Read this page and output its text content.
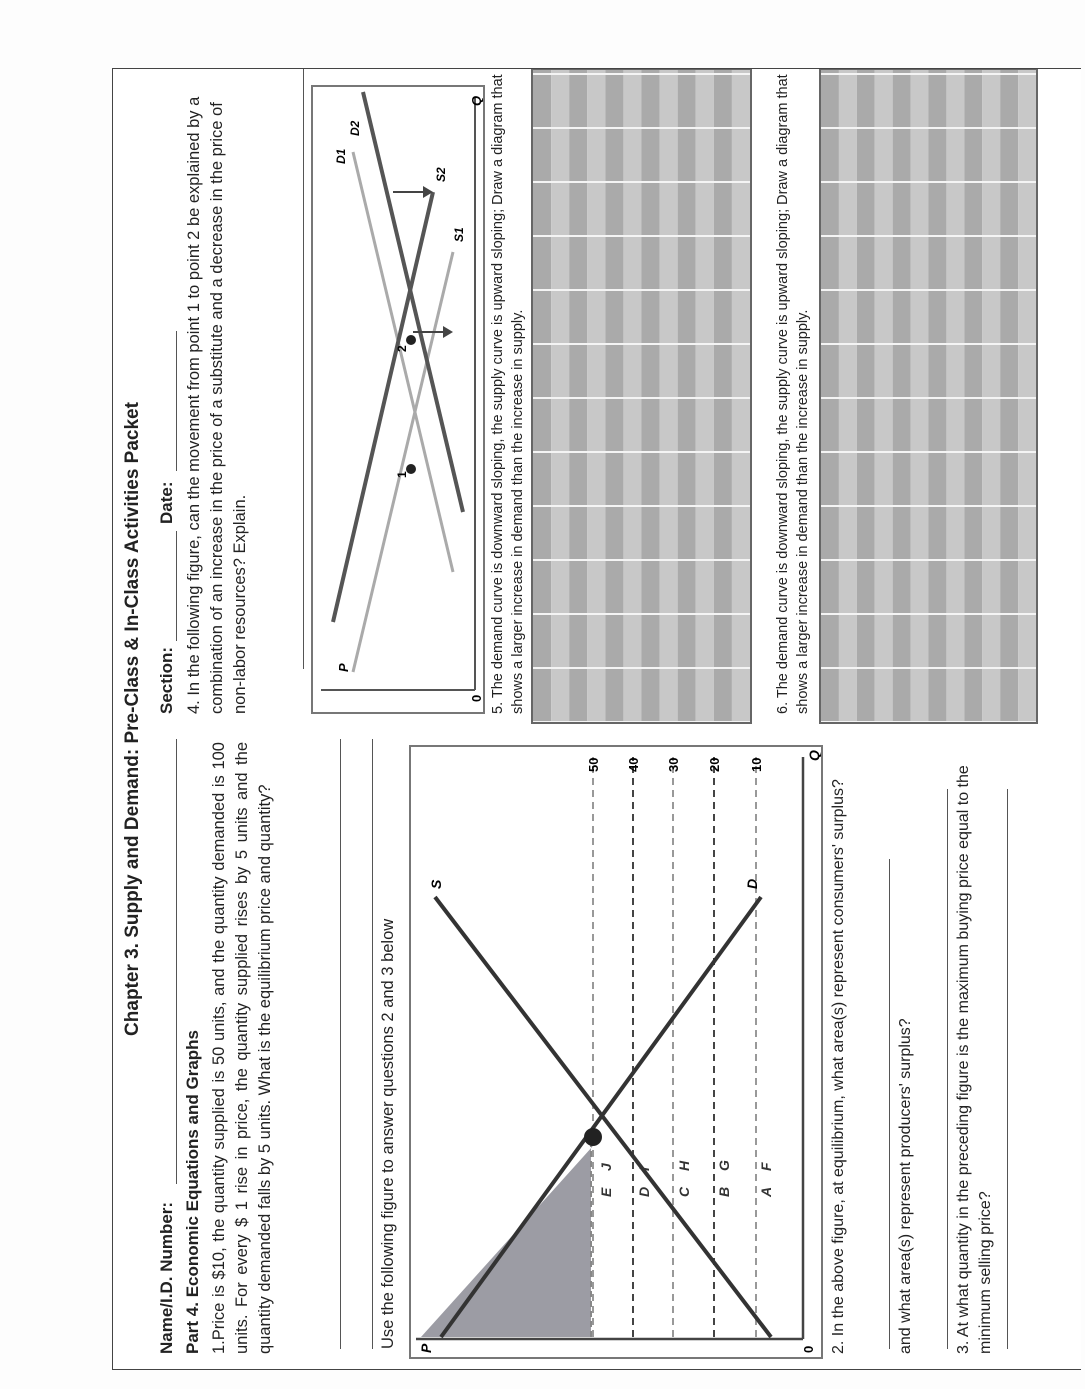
Chapter 3. Supply and Demand: Pre-Class & In-Class Activities Packet
Name/I.D. Number: Part 4. Economic Equations and Graphs 1.Price is $10, the quantity supplied is 50 units, and the quantity demanded is 100 units. For every $ 1 rise in price, the quantity supplied rises by 5 units and the quantity demanded falls by 5 units. What is the equilibrium price and quantity?	Use the following figure to answer questions 2 and 3 below P	0
Q
D
S
A
F
B
G
C
H
D
I
E
J
10
20
30
40
50
2. In the above figure, at equilibrium, what area(s) represent consumers' surplus?	and what area(s) represent producers' surplus?	3. At what quantity in the preceding figure is the maximum buying price equal to the minimum selling price?
Section:
Date: 4. In the following figure, can the movement from point 1 to point 2 be explained by a combination of an increase in the price of a substitute and a decrease in the price of non-labor resources? Explain.
1
2
P
0
Q
S1
S2
D1
D2	5. The demand curve is downward sloping, the supply curve is upward sloping; Draw a diagram that shows a larger increase in demand than the increase in supply.	6. The demand curve is downward sloping, the supply curve is upward sloping; Draw a diagram that shows a larger increase in demand than the increase in supply.
